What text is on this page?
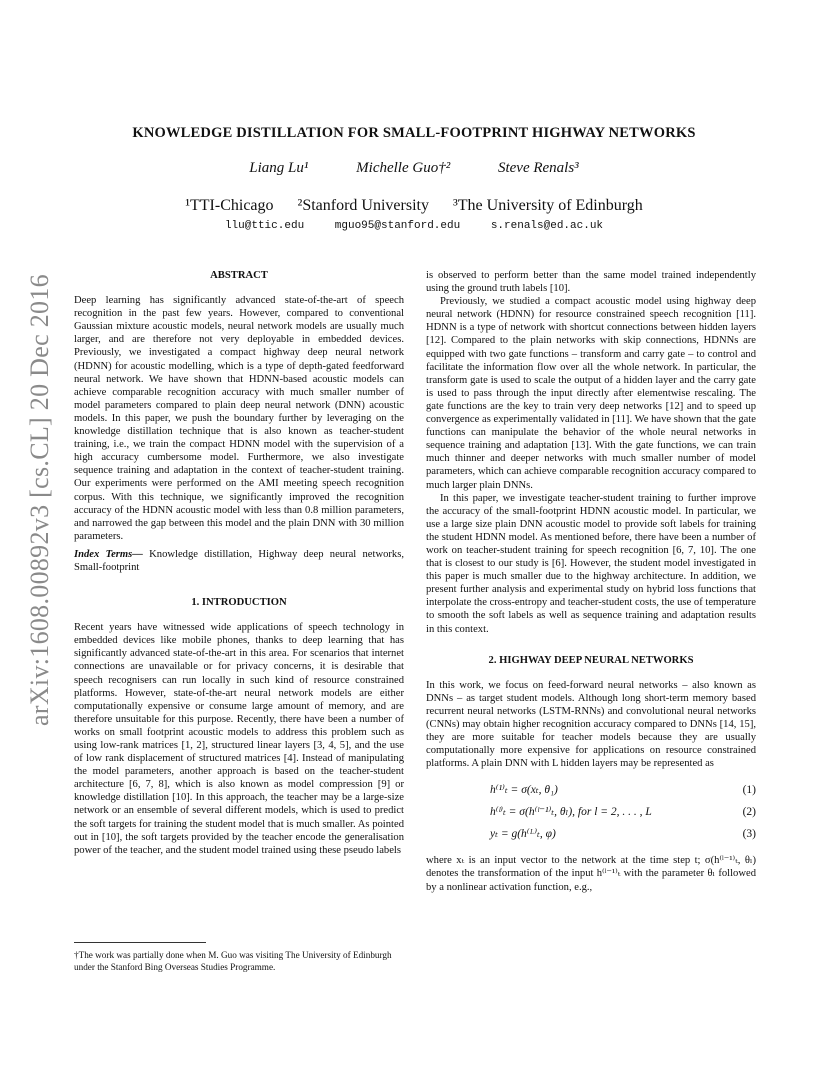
arXiv:1608.00892v3 [cs.CL] 20 Dec 2016
KNOWLEDGE DISTILLATION FOR SMALL-FOOTPRINT HIGHWAY NETWORKS
Liang Lu¹	Michelle Guo†²	Steve Renals³
¹TTI-Chicago ²Stanford University ³The University of Edinburgh
llu@ttic.edu	mguo95@stanford.edu	s.renals@ed.ac.uk
ABSTRACT

Deep learning has significantly advanced state-of-the-art of speech recognition in the past few years. However, compared to conventional Gaussian mixture acoustic models, neural network models are usually much larger, and are therefore not very deployable in embedded devices. Previously, we investigated a compact highway deep neural network (HDNN) for acoustic modelling, which is a type of depth-gated feedforward neural network. We have shown that HDNN-based acoustic models can achieve comparable recognition accuracy with much smaller number of model parameters compared to plain deep neural network (DNN) acoustic models. In this paper, we push the boundary further by leveraging on the knowledge distillation technique that is also known as teacher-student training, i.e., we train the compact HDNN model with the supervision of a high accuracy cumbersome model. Furthermore, we also investigate sequence training and adaptation in the context of teacher-student training. Our experiments were performed on the AMI meeting speech recognition corpus. With this technique, we significantly improved the recognition accuracy of the HDNN acoustic model with less than 0.8 million parameters, and narrowed the gap between this model and the plain DNN with 30 million parameters.

Index Terms— Knowledge distillation, Highway deep neural networks, Small-footprint

1. INTRODUCTION

Recent years have witnessed wide applications of speech technology in embedded devices like mobile phones, thanks to deep learning that has significantly advanced state-of-the-art in this area. For scenarios that internet connections are unavailable or for privacy concerns, it is desirable that speech recognisers can run locally in such kind of resource constrained platforms. However, state-of-the-art neural network models are either computationally expensive or consume large amount of memory, and are therefore unsuitable for this purpose. Recently, there have been a number of works on small footprint acoustic models to address this problem such as using low-rank matrices [1, 2], structured linear layers [3, 4, 5], and the use of low rank displacement of structured matrices [4]. Instead of manipulating the model parameters, another approach is based on the teacher-student architecture [6, 7, 8], which is also known as model compression [9] or knowledge distillation [10]. In this approach, the teacher may be a large-size network or an ensemble of several different models, which is used to predict the soft targets for training the student model that is much smaller. As pointed out in [10], the soft targets provided by the teacher encode the generalisation power of the teacher, and the student model trained using these pseudo labels

†The work was partially done when M. Guo was visiting The University of Edinburgh under the Stanford Bing Overseas Studies Programme.

is observed to perform better than the same model trained independently using the ground truth labels [10].

Previously, we studied a compact acoustic model using highway deep neural network (HDNN) for resource constrained speech recognition [11]. HDNN is a type of network with shortcut connections between hidden layers [12]. Compared to the plain networks with skip connections, HDNNs are equipped with two gate functions – transform and carry gate – to control and facilitate the information flow over all the whole network. In particular, the transform gate is used to scale the output of a hidden layer and the carry gate is used to pass through the input directly after elementwise rescaling. The gate functions are the key to train very deep networks [12] and to speed up convergence as experimentally validated in [11]. We have shown that the gate functions can manipulate the behavior of the whole neural networks in sequence training and adaptation [13]. With the gate functions, we can train much thinner and deeper networks with much smaller number of model parameters, which can achieve comparable recognition accuracy compared to much larger plain DNNs.

In this paper, we investigate teacher-student training to further improve the accuracy of the small-footprint HDNN acoustic model. In particular, we use a large size plain DNN acoustic model to provide soft labels for training the student HDNN model. As mentioned before, there have been a number of work on teacher-student training for speech recognition [6, 7, 10]. The one that is closest to our study is [6]. However, the student model investigated in this paper is much smaller due to the highway architecture. In addition, we present further analysis and experimental study on hybrid loss functions that interpolate the cross-entropy and teacher-student costs, the use of temperature to smooth the soft labels as well as sequence training and adaptation results in this context.

2. HIGHWAY DEEP NEURAL NETWORKS

In this work, we focus on feed-forward neural networks – also known as DNNs – as target student models. Although long short-term memory based recurrent neural networks (LSTM-RNNs) and convolutional neural networks (CNNs) may obtain higher recognition accuracy compared to DNNs [14, 15], they are more suitable for teacher models because they are usually computationally more expensive for applications on resource constrained platforms. A plain DNN with L hidden layers may be represented as

h⁽¹⁾ₜ = σ(xₜ, θ₁)	(1)
h⁽ˡ⁾ₜ = σ(h⁽ˡ⁻¹⁾ₜ, θₗ), for l = 2, . . . , L	(2)
yₜ = g(h⁽ᴸ⁾ₜ, φ)	(3)

where xₜ is an input vector to the network at the time step t; σ(h⁽ˡ⁻¹⁾ₜ, θₗ) denotes the transformation of the input h⁽ˡ⁻¹⁾ₜ with the parameter θₗ followed by a nonlinear activation function, e.g.,
